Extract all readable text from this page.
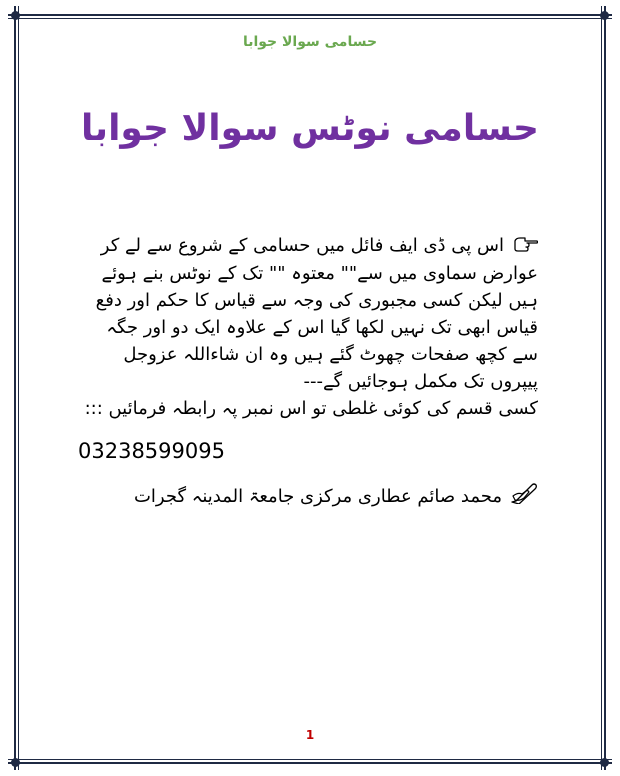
حسامی سوالا جوابا
حسامی نوٹس سوالا جوابا

اس پی ڈی ایف فائل میں حسامی کے شروع سے لے کر عوارض سماوی میں سے"" معتوہ "" تک کے نوٹس بنے ہوئے ہیں لیکن کسی مجبوری کی وجہ سے قیاس کا حکم اور دفع قیاس ابھی تک نہیں لکھا گیا اس کے علاوہ ایک دو اور جگہ سے کچھ صفحات چھوٹ گئے ہیں وہ ان شاءاللہ عزوجل پیپروں تک مکمل ہوجائیں گے---

کسی قسم کی کوئی غلطی تو اس نمبر پہ رابطہ فرمائیں :::

03238599095

محمد صائم عطاری مرکزی جامعۃ المدینہ گجرات

1
